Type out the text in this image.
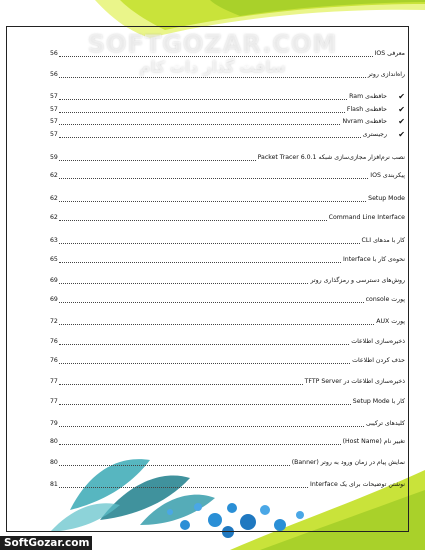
SOFTGOZAR.COM
سافت گذار دات کام
معرفی IOS
56
راه‌اندازی روتر
56
✔
حافظه‌ی Ram
57
✔
حافظه‌ی Flash
57
✔
حافظه‌ی Nvram
57
✔
رجیستری
57
نصب نرم‌افزار مجازی‌سازی شبکه Packet Tracer 6.0.1
59
پیکربندی IOS
62
Setup Mode
62
Command Line Interface
62
کار با مدهای CLI
63
نحوه‌ی کار با Interface
65
روش‌های دسترسی و رمزگذاری روتر
69
پورت console
69
پورت AUX
72
ذخیره‌سازی اطلاعات
76
حذف کردن اطلاعات
76
ذخیره‌سازی اطلاعات در TFTP Server
77
کار با Setup Mode
77
کلیدهای ترکیبی
79
تغییر نام (Host Name)
80
نمایش پیام در زمان ورود به روتر (Banner)
80
نوشتن توضیحات برای یک Interface
81
SoftGozar.com
